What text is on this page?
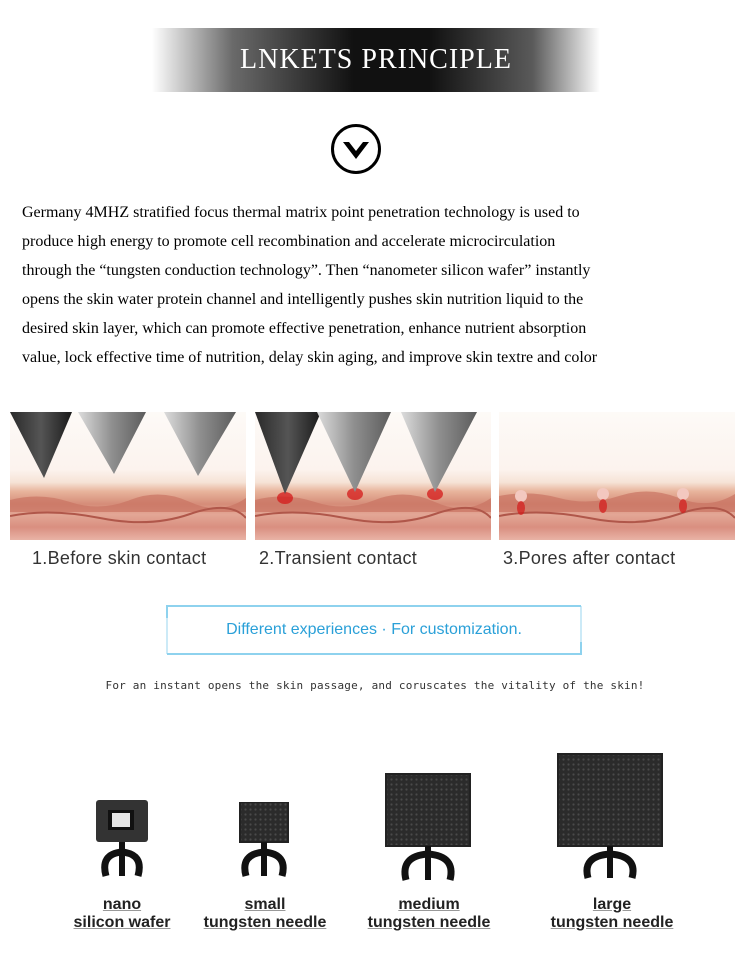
LNKETS PRINCIPLE
Germany 4MHZ stratified focus thermal matrix point penetration technology is used to
produce high energy to promote cell recombination and accelerate microcirculation
through the “tungsten conduction technology”. Then “nanometer silicon wafer” instantly
opens the skin water protein channel and intelligently pushes skin nutrition liquid to the
desired skin layer, which can promote effective penetration, enhance nutrient absorption
value, lock effective time of nutrition, delay skin aging, and improve skin textre and color
1.Before skin contact	2.Transient contact	3.Pores after contact
Different experiences · For customization.
For an instant opens the skin passage, and coruscates the vitality of the skin!
nano
silicon wafer
small
tungsten needle
medium
tungsten needle
large
tungsten needle
